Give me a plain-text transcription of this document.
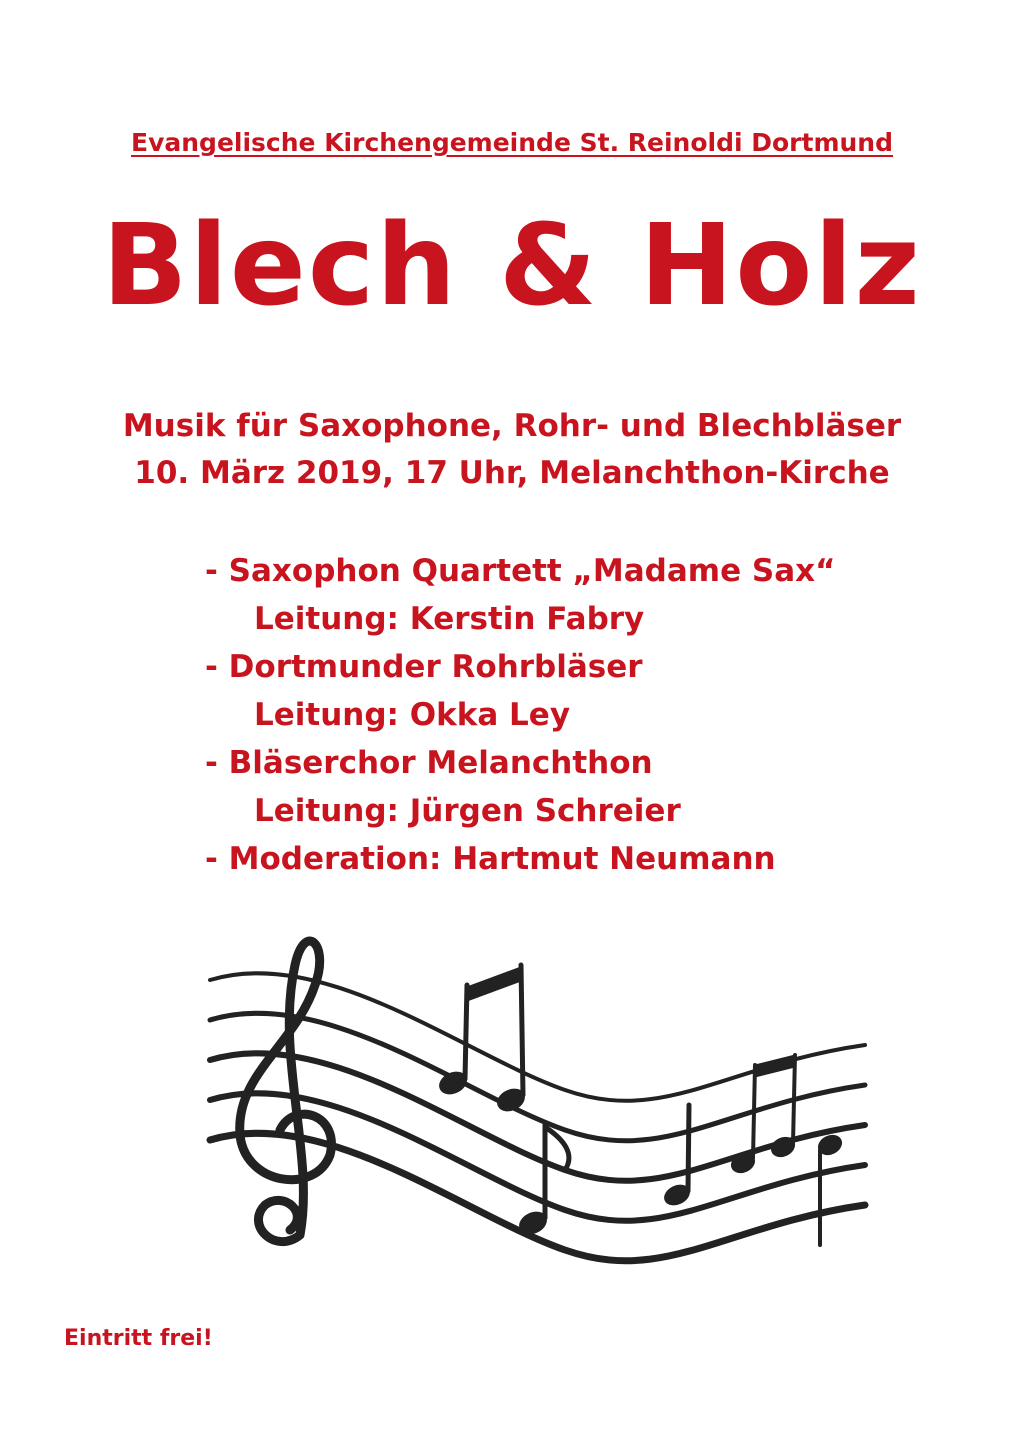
Evangelische Kirchengemeinde St. Reinoldi Dortmund
Blech & Holz
Musik für Saxophone, Rohr- und Blechbläser
10. März 2019, 17 Uhr, Melanchthon-Kirche
- Saxophon Quartett „Madame Sax“
Leitung: Kerstin Fabry
- Dortmunder Rohrbläser
Leitung: Okka Ley
- Bläserchor Melanchthon
Leitung: Jürgen Schreier
- Moderation: Hartmut Neumann
Eintritt frei!
